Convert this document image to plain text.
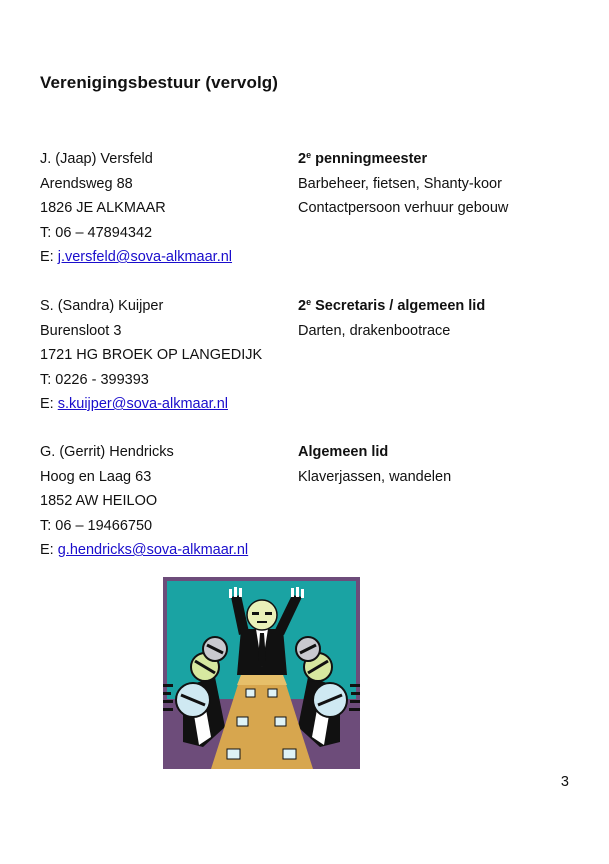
Verenigingsbestuur (vervolg)
J. (Jaap) Versfeld
Arendsweg 88
1826 JE ALKMAAR
T: 06 – 47894342
E: j.versfeld@sova-alkmaar.nl
2e penningmeester
Barbeheer, fietsen, Shanty-koor
Contactpersoon verhuur gebouw
S. (Sandra) Kuijper
Burensloot 3
1721 HG BROEK OP LANGEDIJK
T: 0226 - 399393
E: s.kuijper@sova-alkmaar.nl
2e Secretaris / algemeen lid
Darten, drakenbootrace
G. (Gerrit) Hendricks
Hoog en Laag 63
1852 AW HEILOO
T: 06 – 19466750
E: g.hendricks@sova-alkmaar.nl
Algemeen lid
Klaverjassen, wandelen
3
